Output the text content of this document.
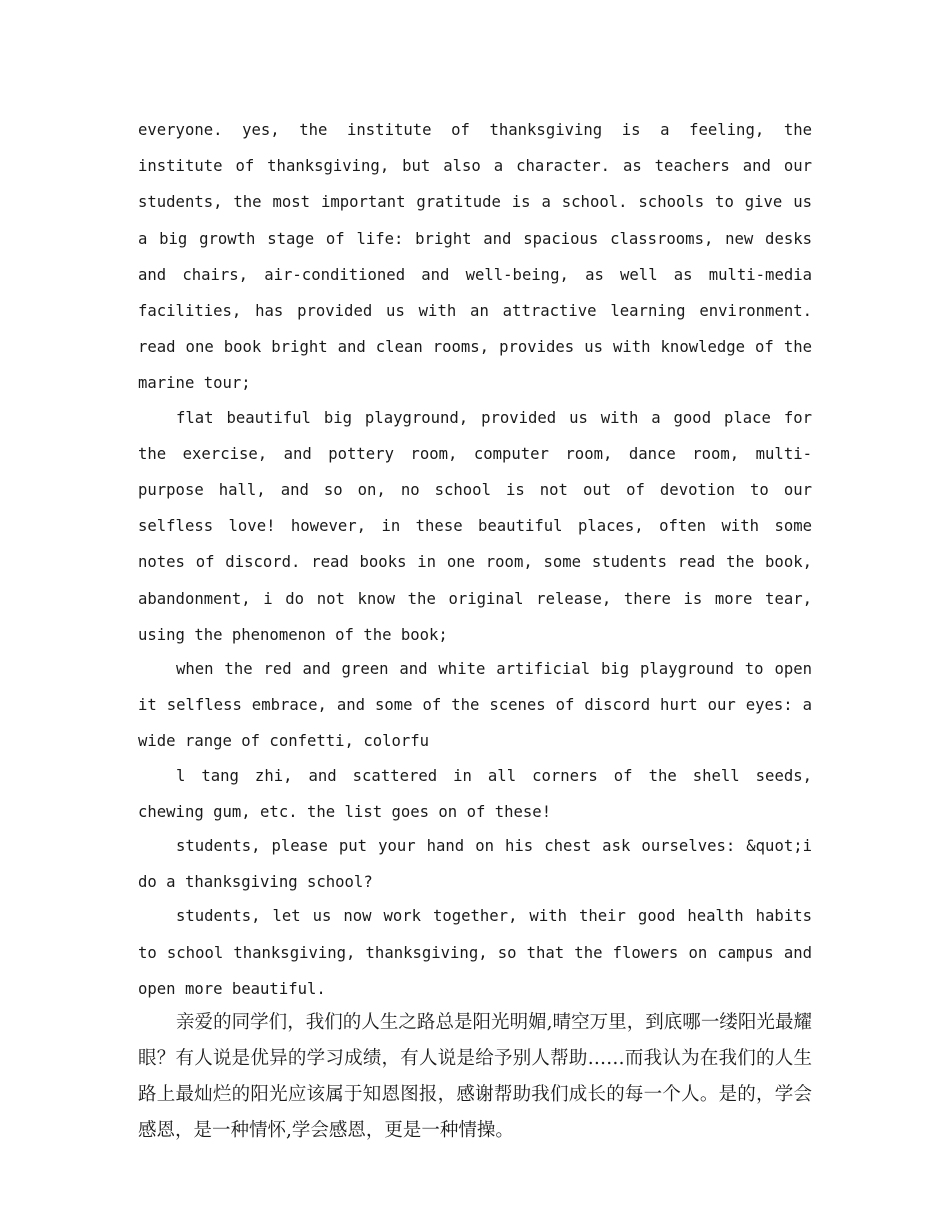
everyone. yes, the institute of thanksgiving is a feeling, the institute of thanksgiving, but also a character. as teachers and our students, the most important gratitude is a school. schools to give us a big growth stage of life: bright and spacious classrooms, new desks and chairs, air-conditioned and well-being, as well as multi-media facilities, has provided us with an attractive learning environment. read one book bright and clean rooms, provides us with knowledge of the marine tour;

flat beautiful big playground, provided us with a good place for the exercise, and pottery room, computer room, dance room, multi-purpose hall, and so on, no school is not out of devotion to our selfless love! however, in these beautiful places, often with some notes of discord. read books in one room, some students read the book, abandonment, i do not know the original release, there is more tear, using the phenomenon of the book;

when the red and green and white artificial big playground to open it selfless embrace, and some of the scenes of discord hurt our eyes: a wide range of confetti, colorfu

l tang zhi, and scattered in all corners of the shell seeds, chewing gum, etc. the list goes on of these!

students, please put your hand on his chest ask ourselves: &quot;i do a thanksgiving school?

students, let us now work together, with their good health habits to school thanksgiving, thanksgiving, so that the flowers on campus and open more beautiful.

亲爱的同学们，我们的人生之路总是阳光明媚,晴空万里，到底哪一缕阳光最耀眼？有人说是优异的学习成绩，有人说是给予别人帮助……而我认为在我们的人生路上最灿烂的阳光应该属于知恩图报，感谢帮助我们成长的每一个人。是的，学会感恩，是一种情怀,学会感恩，更是一种情操。
